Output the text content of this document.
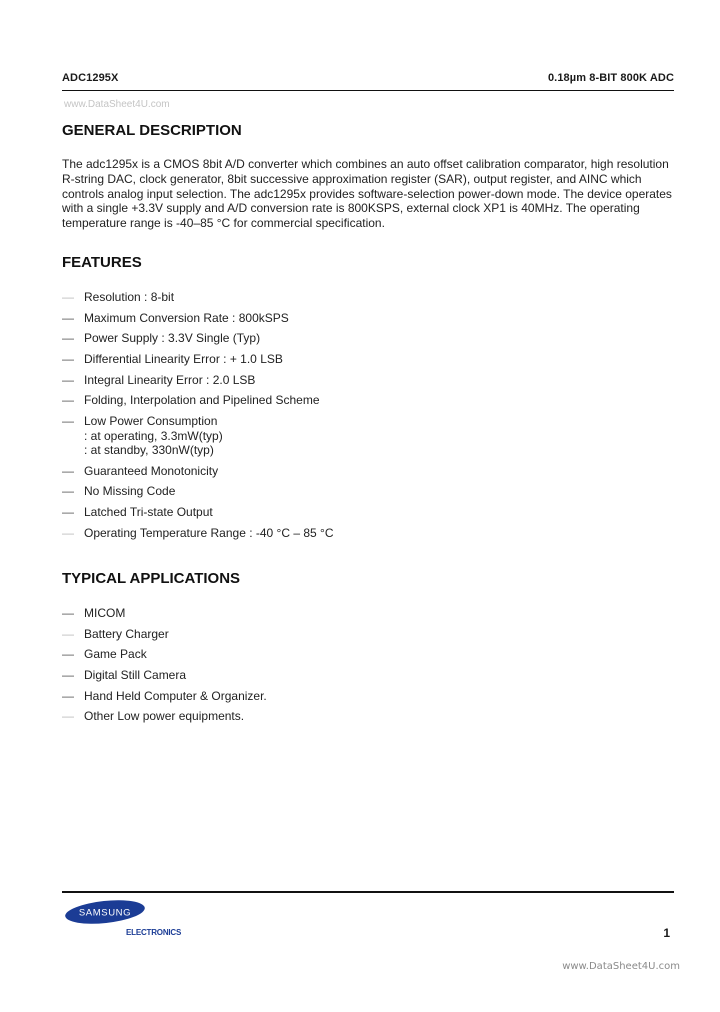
ADC1295X	0.18µm 8-BIT 800K ADC
www.DataSheet4U.com
GENERAL DESCRIPTION
The adc1295x is a CMOS 8bit A/D converter which combines an auto offset calibration comparator, high resolution
R-string DAC, clock generator, 8bit successive approximation register (SAR), output register, and AINC which
controls analog input selection. The adc1295x provides software-selection power-down mode. The device operates
with a single +3.3V supply and A/D conversion rate is 800KSPS, external clock XP1 is 40MHz. The operating
temperature range is -40–85 °C for commercial specification.
FEATURES
— Resolution : 8-bit
— Maximum Conversion Rate : 800kSPS
— Power Supply : 3.3V Single (Typ)
— Differential Linearity Error : + 1.0 LSB
— Integral Linearity Error : 2.0 LSB
— Folding, Interpolation and Pipelined Scheme
— Low Power Consumption
: at operating, 3.3mW(typ)
: at standby, 330nW(typ)
— Guaranteed Monotonicity
— No Missing Code
— Latched Tri-state Output
— Operating Temperature Range : -40 °C – 85 °C
TYPICAL APPLICATIONS
— MICOM
— Battery Charger
— Game Pack
— Digital Still Camera
— Hand Held Computer & Organizer.
— Other Low power equipments.
SAMSUNG
ELECTRONICS	1
www.DataSheet4U.com
